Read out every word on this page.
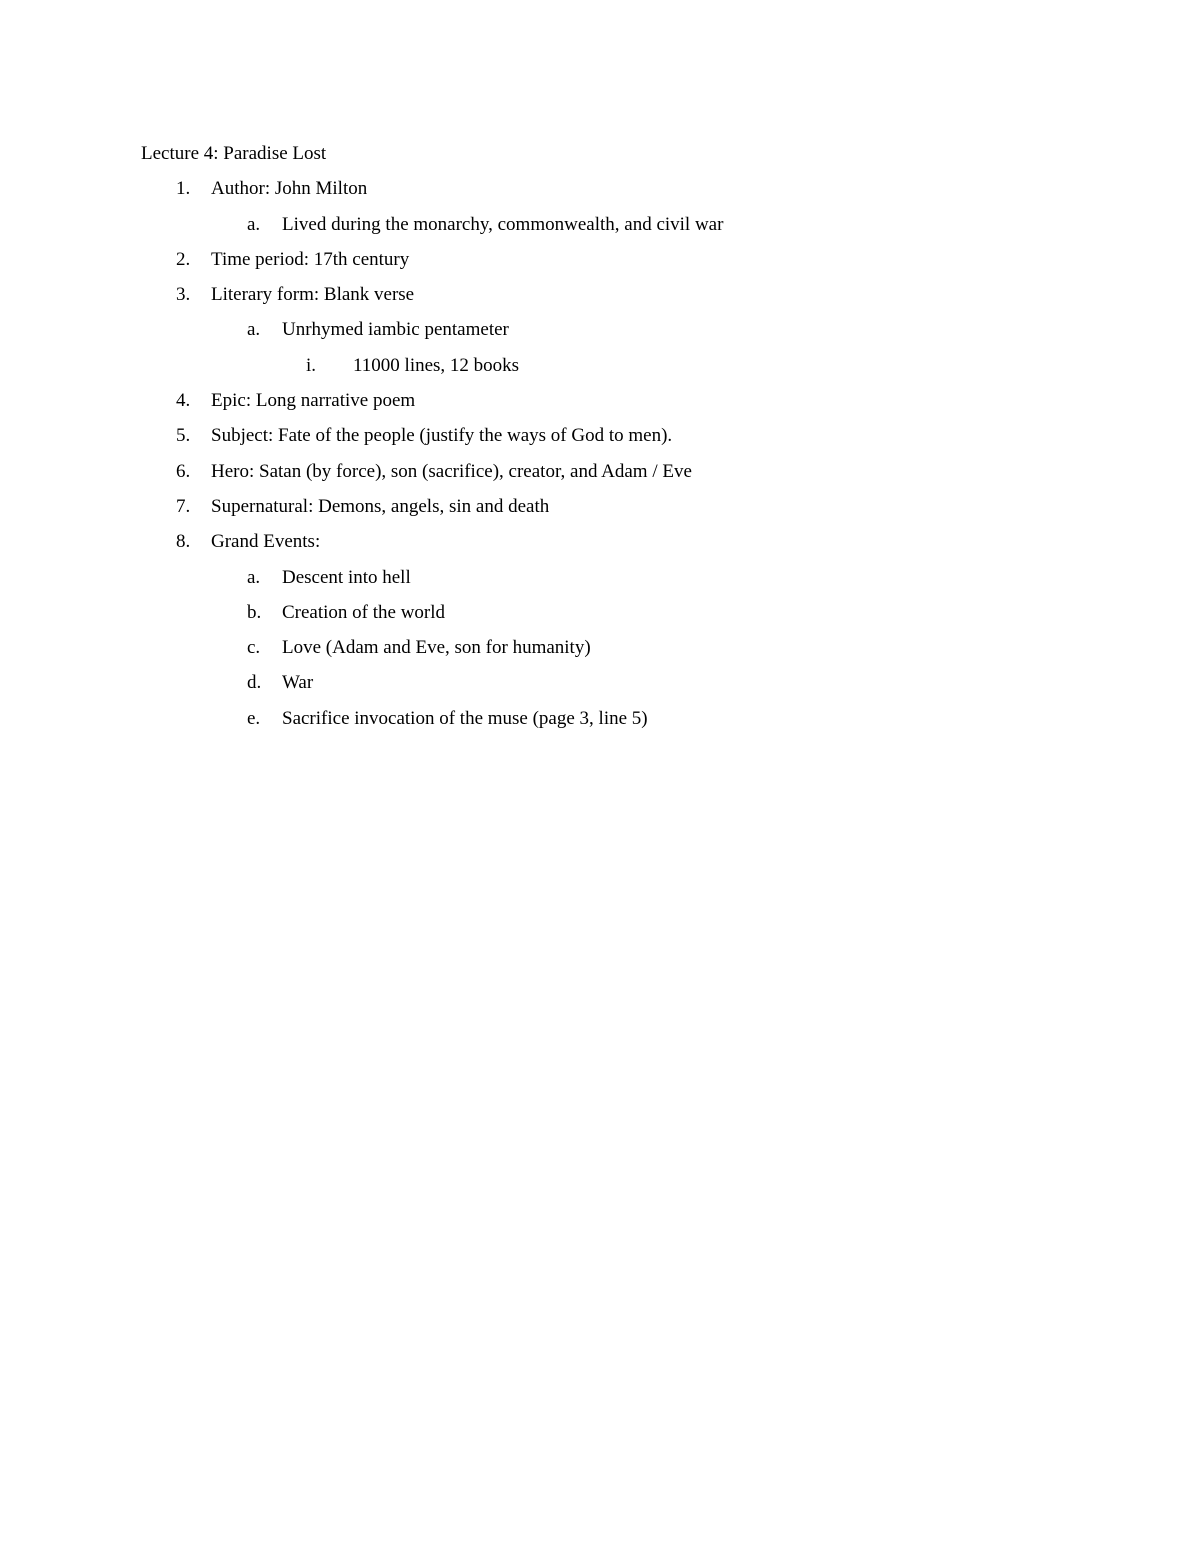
Lecture 4: Paradise Lost
1. Author: John Milton
a. Lived during the monarchy, commonwealth, and civil war
2. Time period: 17th century
3. Literary form: Blank verse
a. Unrhymed iambic pentameter
i. 11000 lines, 12 books
4. Epic: Long narrative poem
5. Subject: Fate of the people (justify the ways of God to men).
6. Hero: Satan (by force), son (sacrifice), creator, and Adam / Eve
7. Supernatural: Demons, angels, sin and death
8. Grand Events:
a. Descent into hell
b. Creation of the world
c. Love (Adam and Eve, son for humanity)
d. War
e. Sacrifice invocation of the muse (page 3, line 5)
